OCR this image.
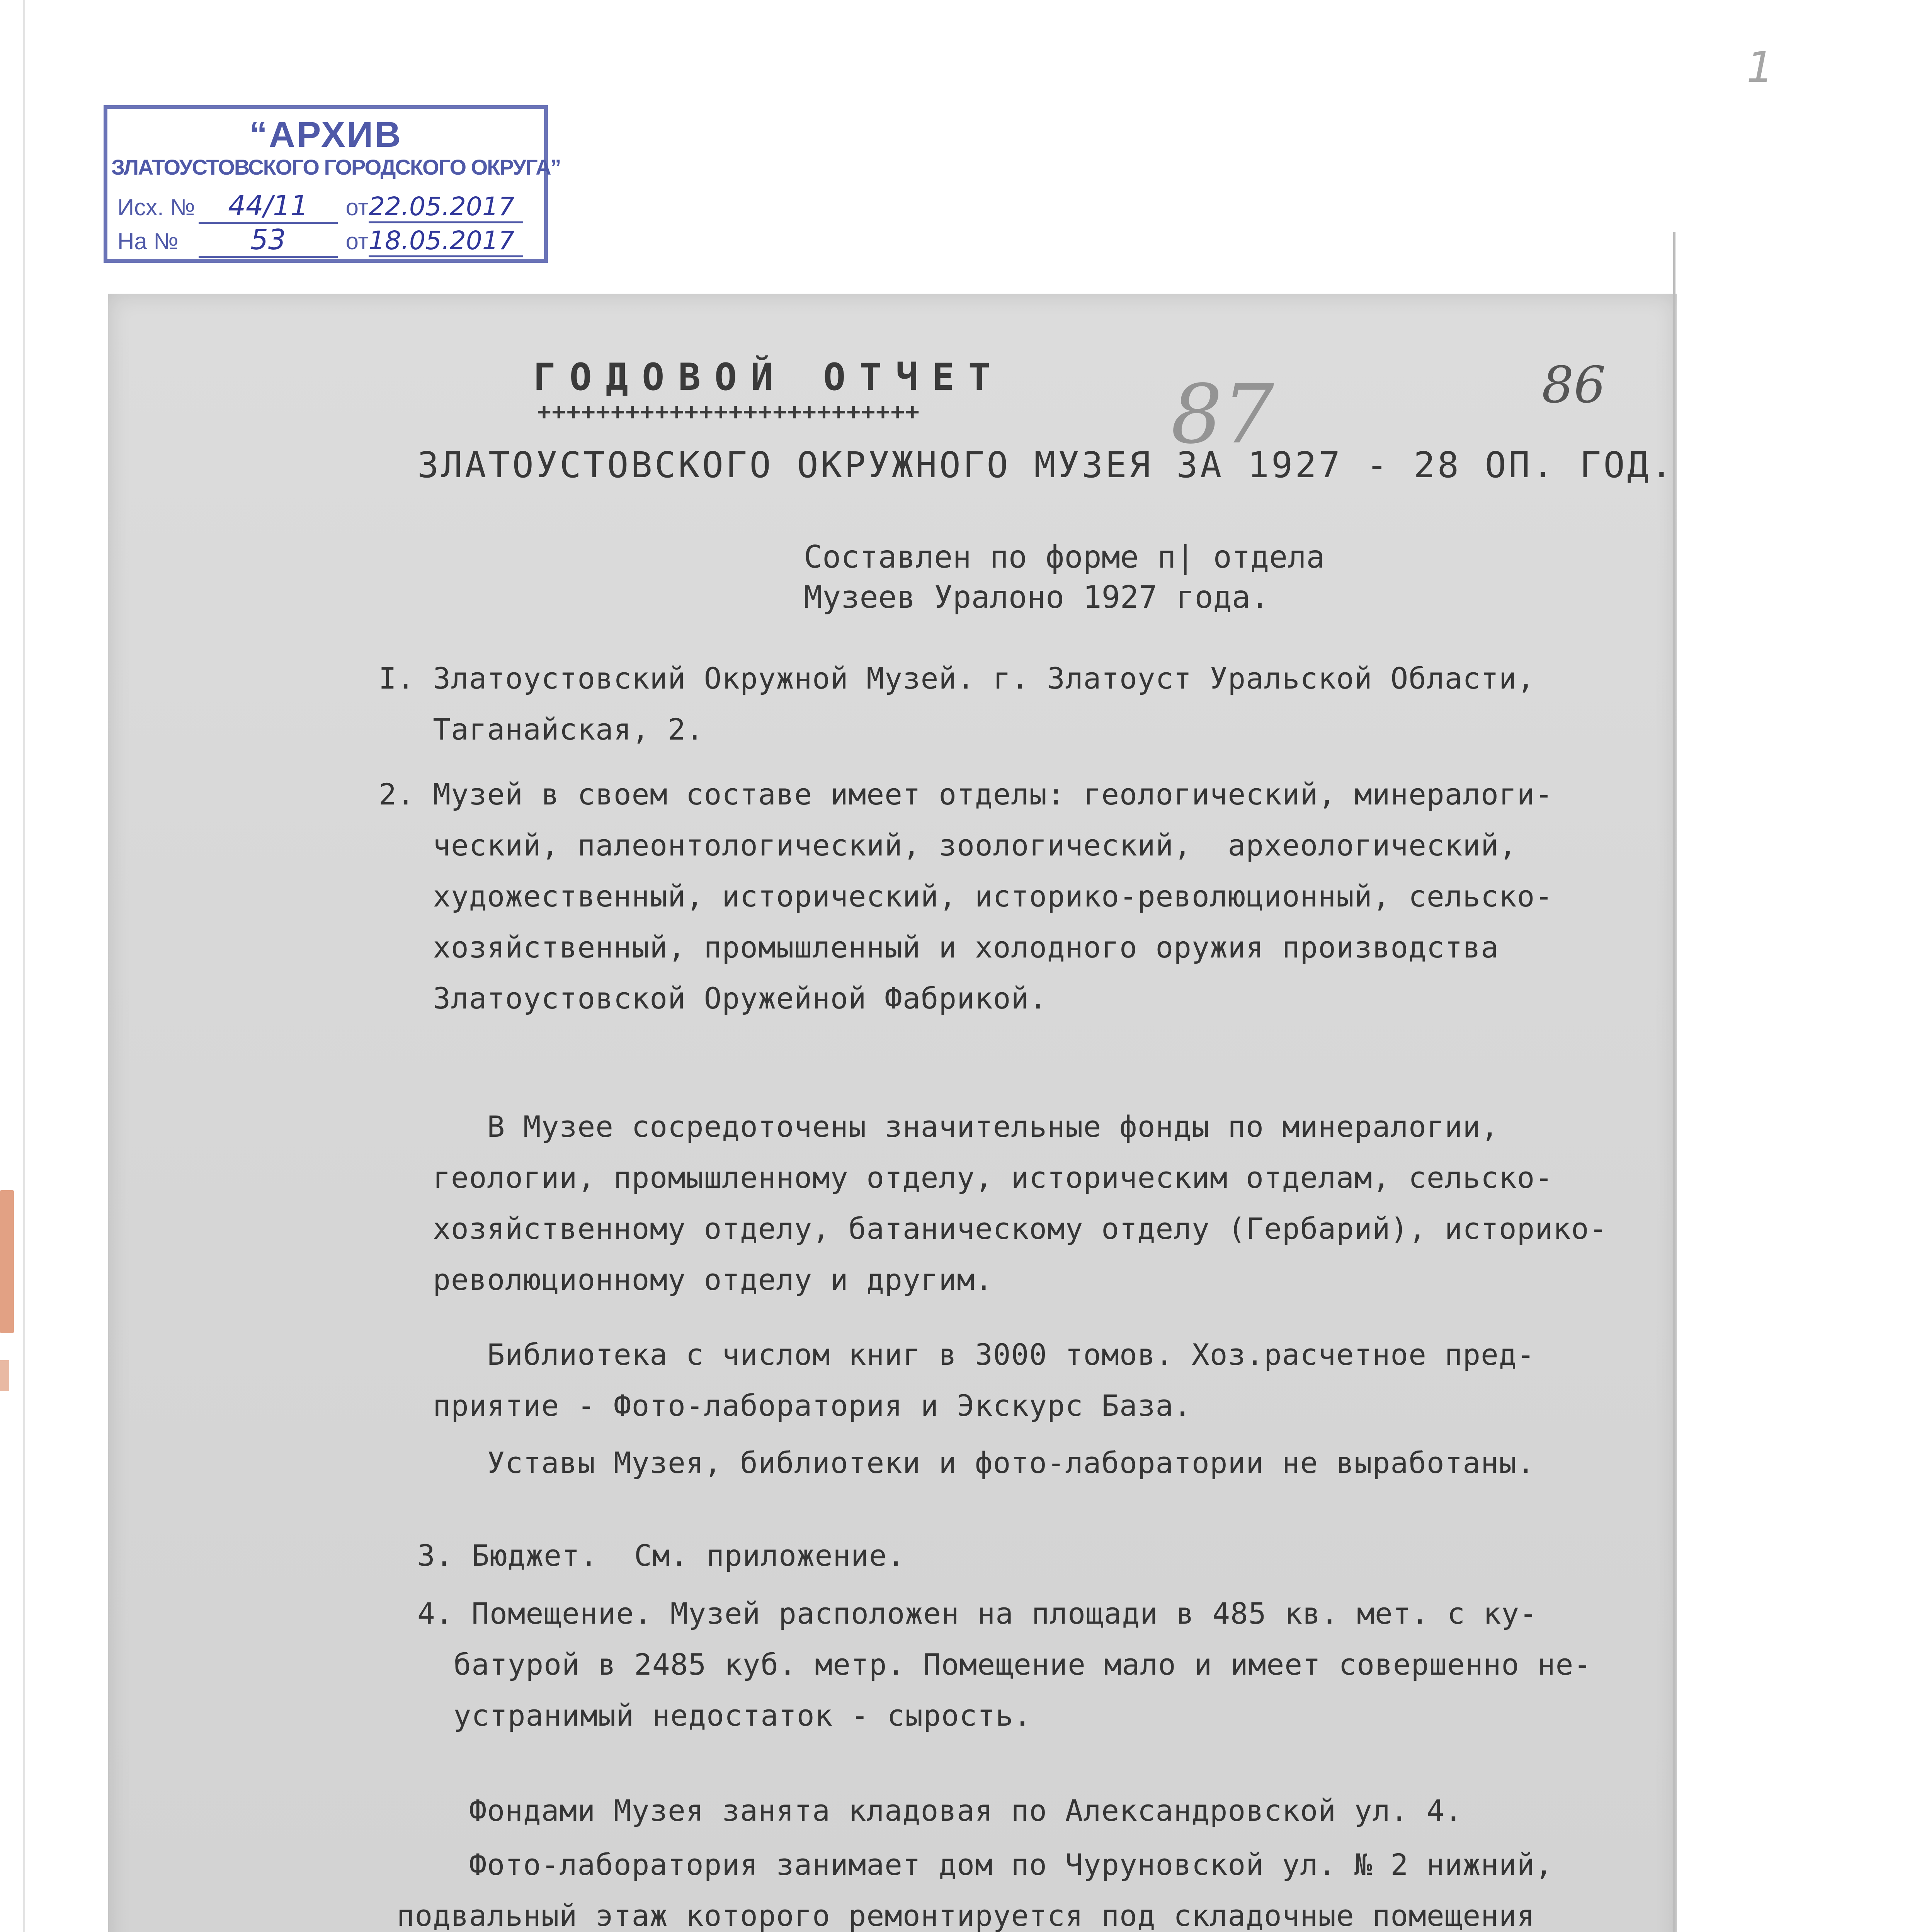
“АРХИВ
ЗЛАТОУСТОВСКОГО ГОРОДСКОГО ОКРУГА”
Исх. № 44/11 от22.05.2017
На №	53	от18.05.2017
1
86
87
ГОДОВОЙ ОТЧЕТ
++++++++++++++++++++++++++
ЗЛАТОУСТОВСКОГО ОКРУЖНОГО МУЗЕЯ ЗА 1927 - 28 ОП. ГОД.
Составлен по форме п| отдела
Музеев Уралоно 1927 года.
I. Златоустовский Окружной Музей. г. Златоуст Уральской Области,
Таганайская, 2.
2. Музей в своем составе имеет отделы: геологический, минералоги-
ческий, палеонтологический, зоологический,  археологический,
художественный, исторический, историко-революционный, сельско-
хозяйственный, промышленный и холодного оружия производства
Златоустовской Оружейной Фабрикой.
В Музее сосредоточены значительные фонды по минералогии,
геологии, промышленному отделу, историческим отделам, сельско-
хозяйственному отделу, батаническому отделу (Гербарий), историко-
революционному отделу и другим.
Библиотека с числом книг в 3000 томов. Хоз.расчетное пред-
приятие - Фото-лаборатория и Экскурс База.
Уставы Музея, библиотеки и фото-лаборатории не выработаны.
3. Бюджет.  См. приложение.
4. Помещение. Музей расположен на площади в 485 кв. мет. с ку-
батурой в 2485 куб. метр. Помещение мало и имеет совершенно не-
устранимый недостаток - сырость.
Фондами Музея занята кладовая по Александровской ул. 4.
Фото-лаборатория занимает дом по Чуруновской ул. № 2 нижний,
подвальный этаж которого ремонтируется под складочные помещения
